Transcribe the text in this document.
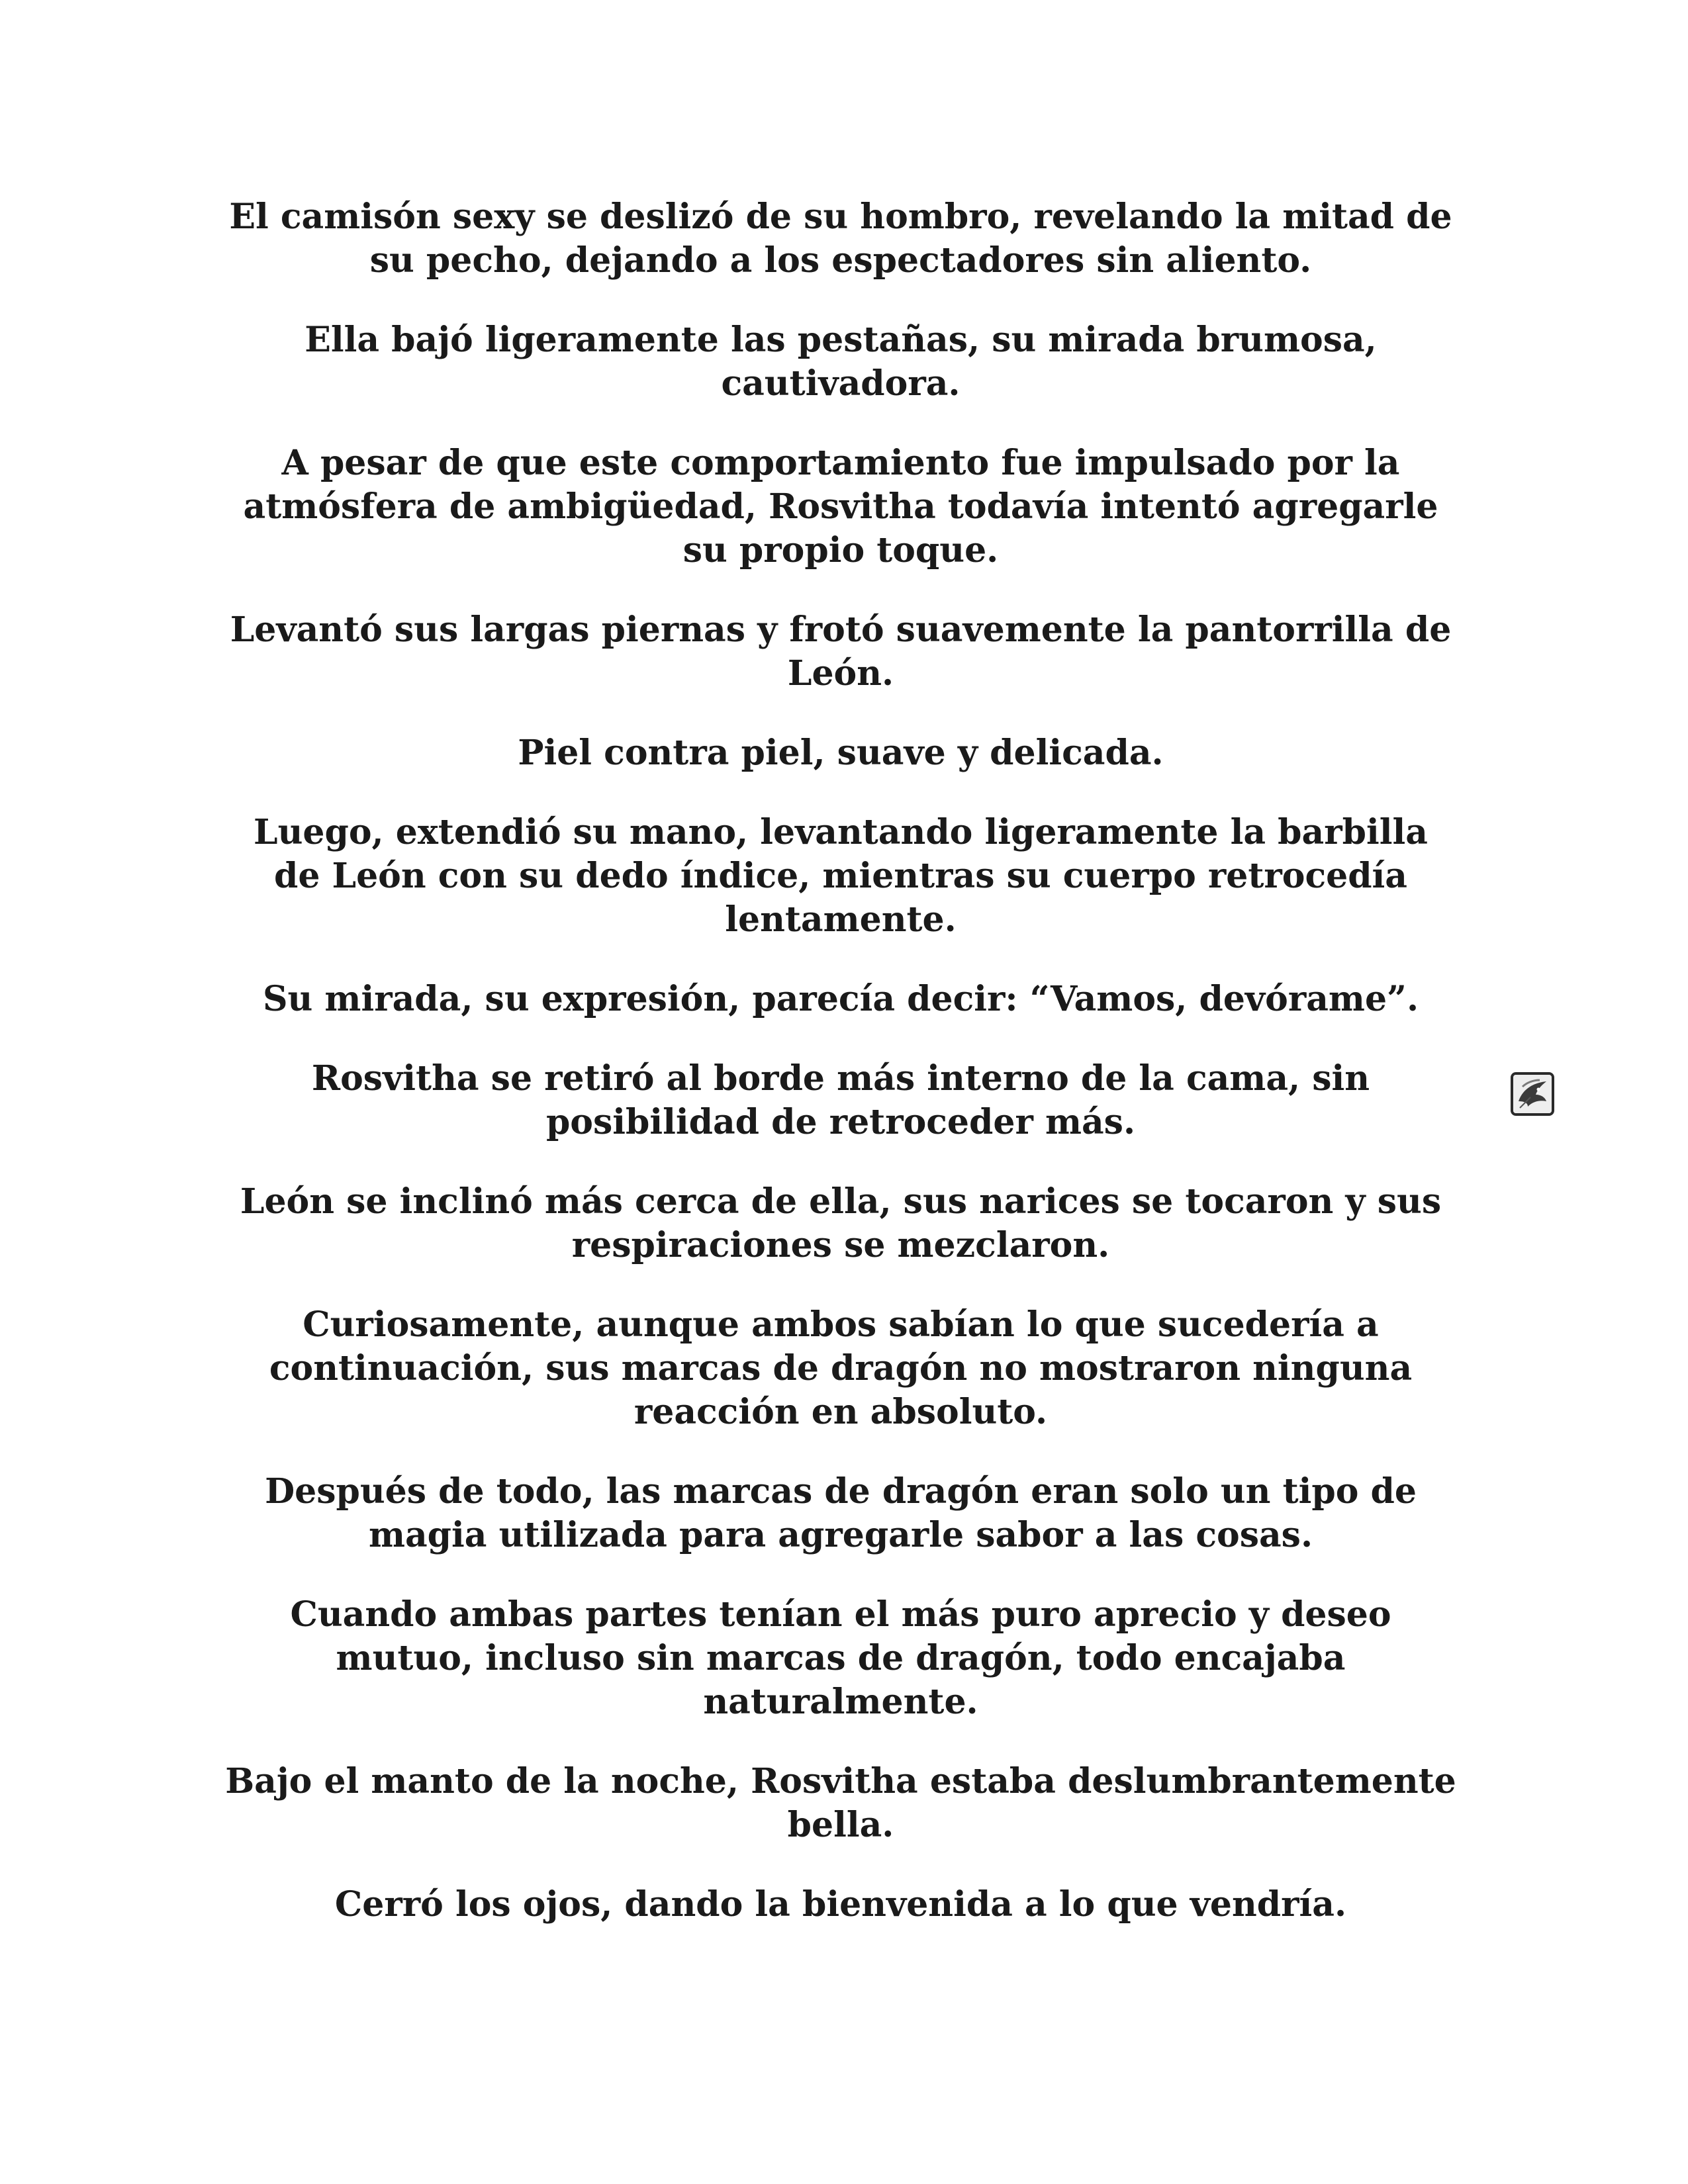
El camisón sexy se deslizó de su hombro, revelando la mitad de su pecho, dejando a los espectadores sin aliento.

Ella bajó ligeramente las pestañas, su mirada brumosa, cautivadora.

A pesar de que este comportamiento fue impulsado por la atmósfera de ambigüedad, Rosvitha todavía intentó agregarle su propio toque.

Levantó sus largas piernas y frotó suavemente la pantorrilla de León.

Piel contra piel, suave y delicada.

Luego, extendió su mano, levantando ligeramente la barbilla de León con su dedo índice, mientras su cuerpo retrocedía lentamente.

Su mirada, su expresión, parecía decir: “Vamos, devórame”.

Rosvitha se retiró al borde más interno de la cama, sin posibilidad de retroceder más.

León se inclinó más cerca de ella, sus narices se tocaron y sus respiraciones se mezclaron.

Curiosamente, aunque ambos sabían lo que sucedería a continuación, sus marcas de dragón no mostraron ninguna reacción en absoluto.

Después de todo, las marcas de dragón eran solo un tipo de magia utilizada para agregarle sabor a las cosas.

Cuando ambas partes tenían el más puro aprecio y deseo mutuo, incluso sin marcas de dragón, todo encajaba naturalmente.

Bajo el manto de la noche, Rosvitha estaba deslumbrantemente bella.

Cerró los ojos, dando la bienvenida a lo que vendría.
